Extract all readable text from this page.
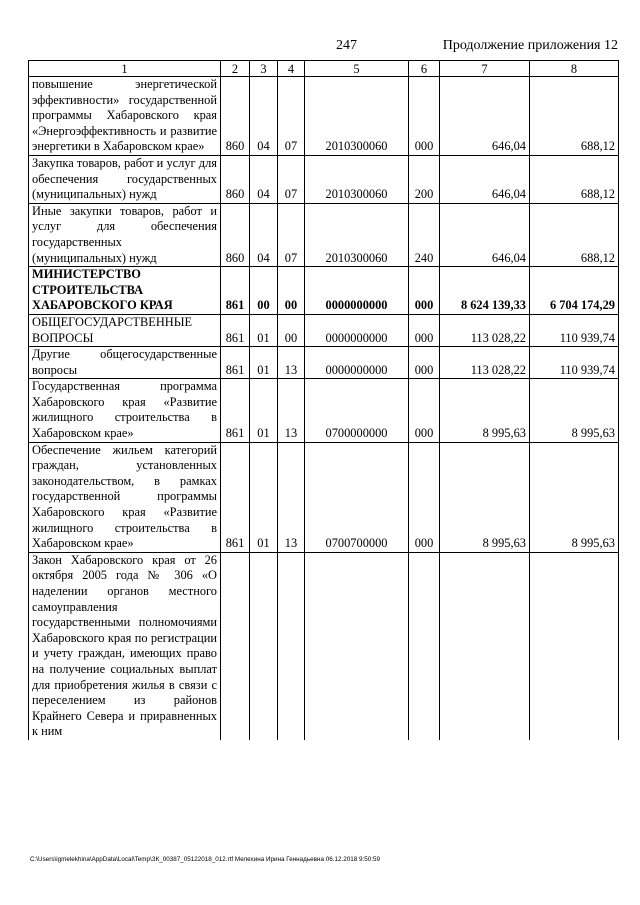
247	Продолжение приложения 12
1	2	3	4	5	6	7	8
повышение энергетической эффективности» государственной программы Хабаровского края «Энергоэффективность и развитие энергетики в Хабаровском крае»	860	04	07	2010300060	000	646,04	688,12
Закупка товаров, работ и услуг для обеспечения государственных (муниципальных) нужд	860	04	07	2010300060	200	646,04	688,12
Иные закупки товаров, работ и услуг для обеспечения государственных (муниципальных) нужд	860	04	07	2010300060	240	646,04	688,12
МИНИСТЕРСТВО СТРОИТЕЛЬСТВА ХАБАРОВСКОГО КРАЯ	861	00	00	0000000000	000	8 624 139,33	6 704 174,29
ОБЩЕГОСУДАРСТВЕННЫЕ ВОПРОСЫ	861	01	00	0000000000	000	113 028,22	110 939,74
Другие общегосударственные вопросы	861	01	13	0000000000	000	113 028,22	110 939,74
Государственная программа Хабаровского края «Развитие жилищного строительства в Хабаровском крае»	861	01	13	0700000000	000	8 995,63	8 995,63
Обеспечение жильем категорий граждан, установленных законодательством, в рамках государственной программы Хабаровского края «Развитие жилищного строительства в Хабаровском крае»	861	01	13	0700700000	000	8 995,63	8 995,63
Закон Хабаровского края от 26 октября 2005 года № 306 «О наделении органов местного самоуправления государственными полномочиями Хабаровского края по регистрации и учету граждан, имеющих право на получение социальных выплат для приобретения жилья в связи с переселением из районов Крайнего Севера и приравненных к ним							
C:\Users\igmelekhina\AppData\Local\Temp\ЗК_00387_05122018_012.rtf Мелехина Ирина Геннадьевна 06.12.2018 9:50:59
